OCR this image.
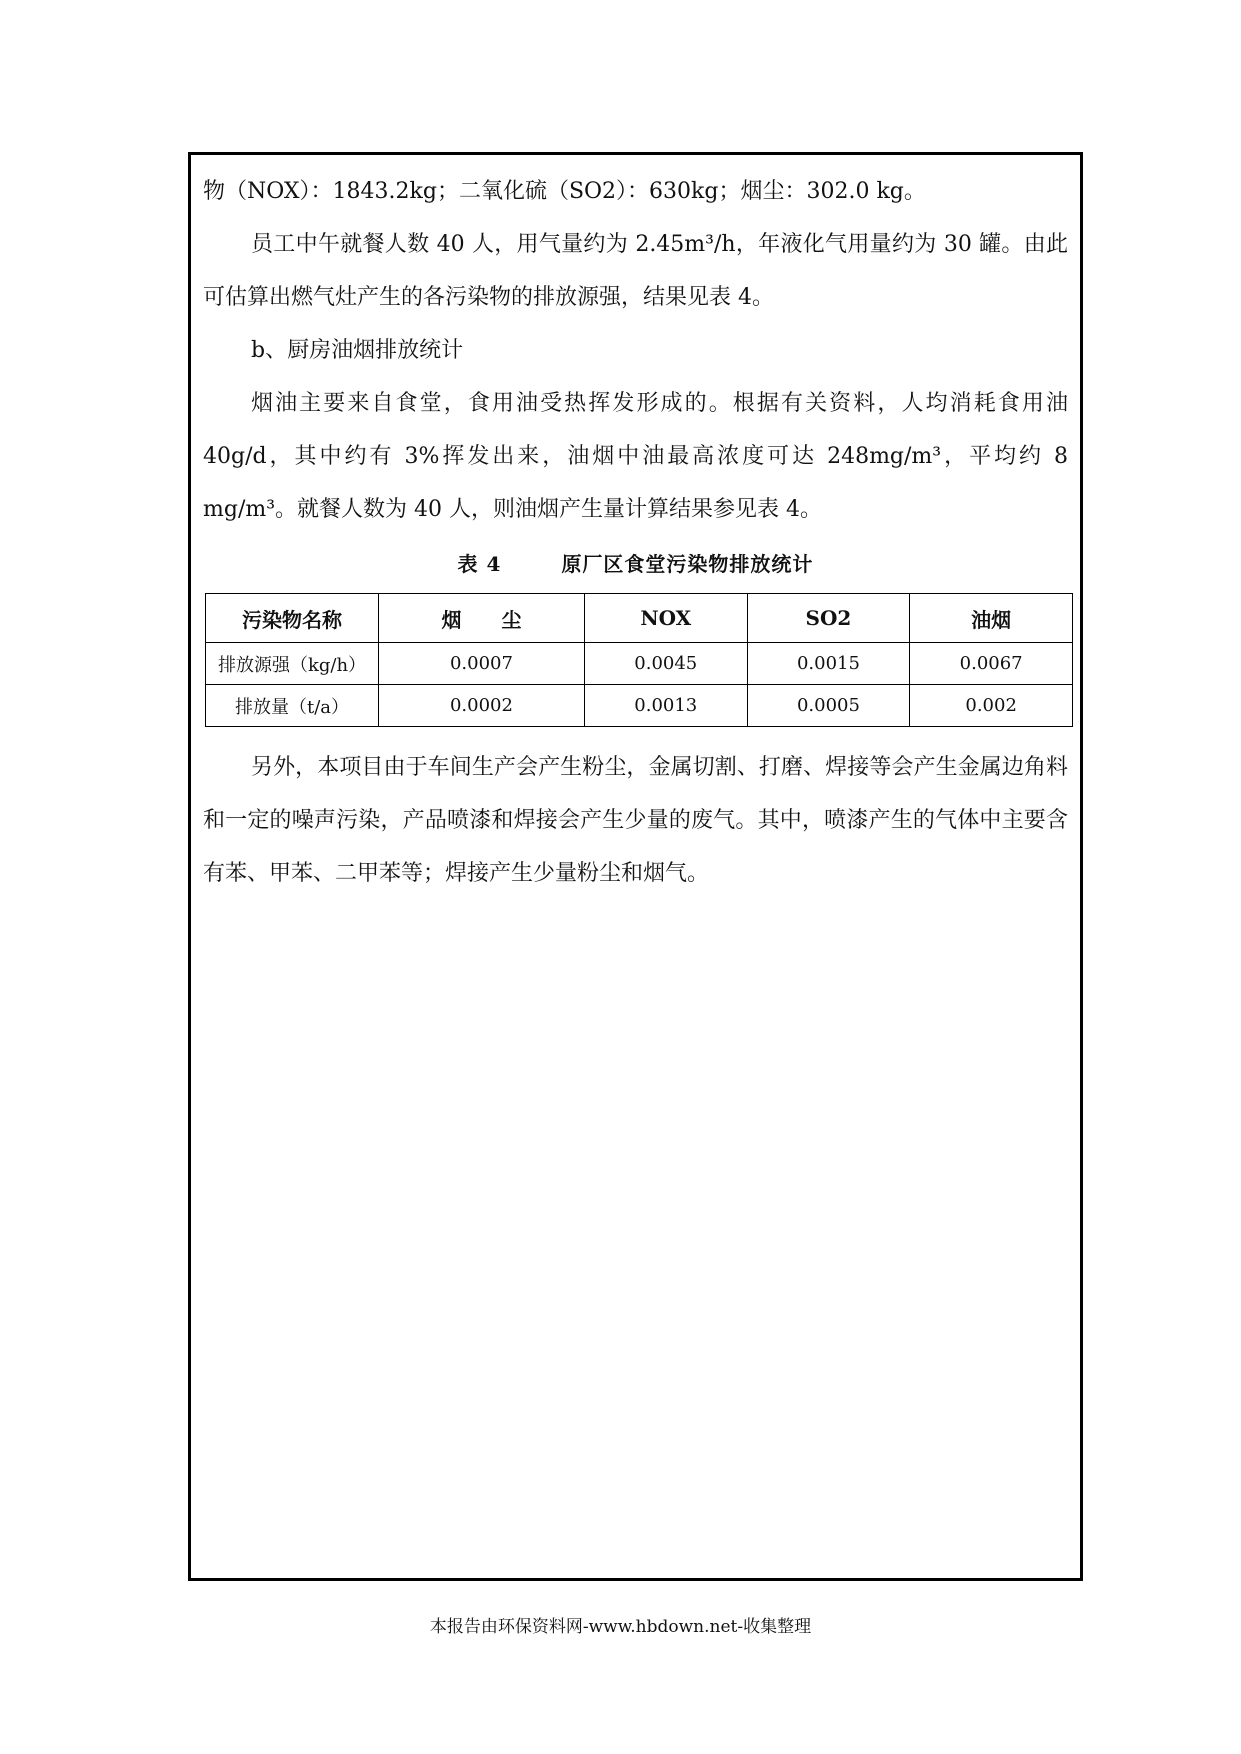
物（NOX）：1843.2kg；二氧化硫（SO2）：630kg；烟尘：302.0 kg。

员工中午就餐人数 40 人，用气量约为 2.45m³/h，年液化气用量约为 30 罐。由此可估算出燃气灶产生的各污染物的排放源强，结果见表 4。

b、厨房油烟排放统计

烟油主要来自食堂，食用油受热挥发形成的。根据有关资料，人均消耗食用油 40g/d，其中约有 3%挥发出来，油烟中油最高浓度可达 248mg/m³，平均约 8 mg/m³。就餐人数为 40 人，则油烟产生量计算结果参见表 4。

表 4	原厂区食堂污染物排放统计
污染物名称	烟　　尘	NOX	SO2	油烟
排放源强（kg/h）	0.0007	0.0045	0.0015	0.0067
排放量（t/a）	0.0002	0.0013	0.0005	0.002

另外，本项目由于车间生产会产生粉尘，金属切割、打磨、焊接等会产生金属边角料和一定的噪声污染，产品喷漆和焊接会产生少量的废气。其中，喷漆产生的气体中主要含有苯、甲苯、二甲苯等；焊接产生少量粉尘和烟气。

本报告由环保资料网-www.hbdown.net-收集整理
